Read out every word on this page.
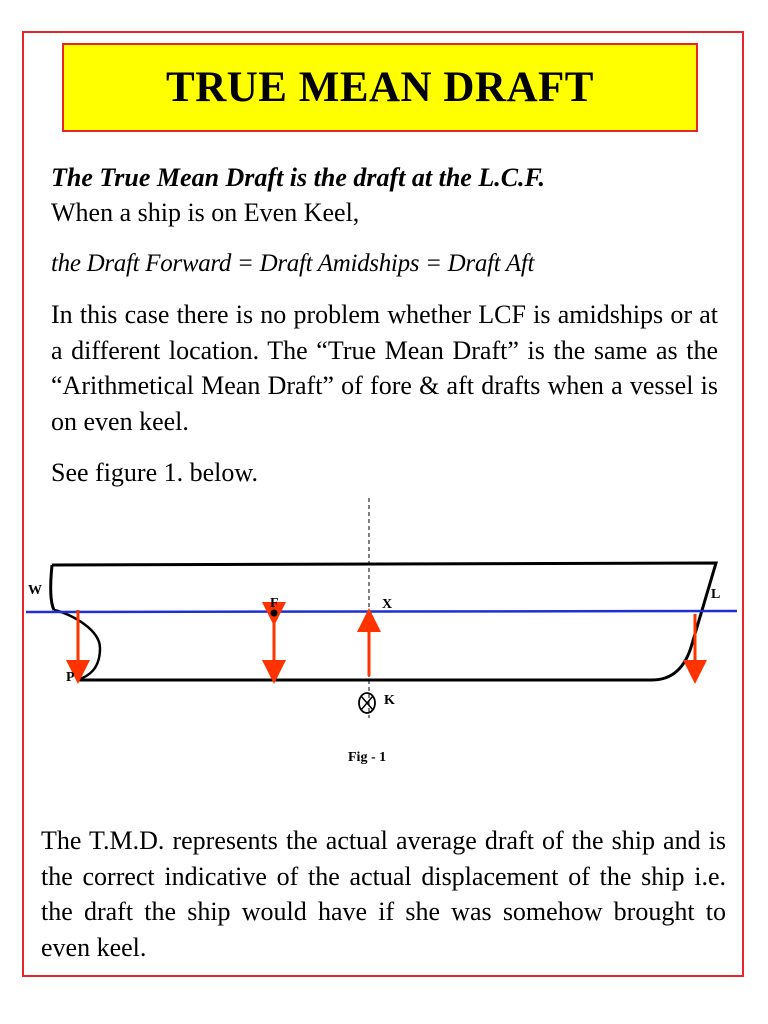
TRUE MEAN DRAFT

The True Mean Draft is the draft at the L.C.F.

When a ship is on Even Keel,

the Draft Forward = Draft Amidships = Draft Aft

In this case there is no problem whether LCF is amidships or at a different location. The “True Mean Draft” is the same as the “Arithmetical Mean Draft” of fore & aft drafts when a vessel is on even keel.

See figure 1. below.

W	L
F	X
K
P
Fig - 1

The T.M.D. represents the actual average draft of the ship and is the correct indicative of the actual displacement of the ship i.e. the draft the ship would have if she was somehow brought to even keel.
